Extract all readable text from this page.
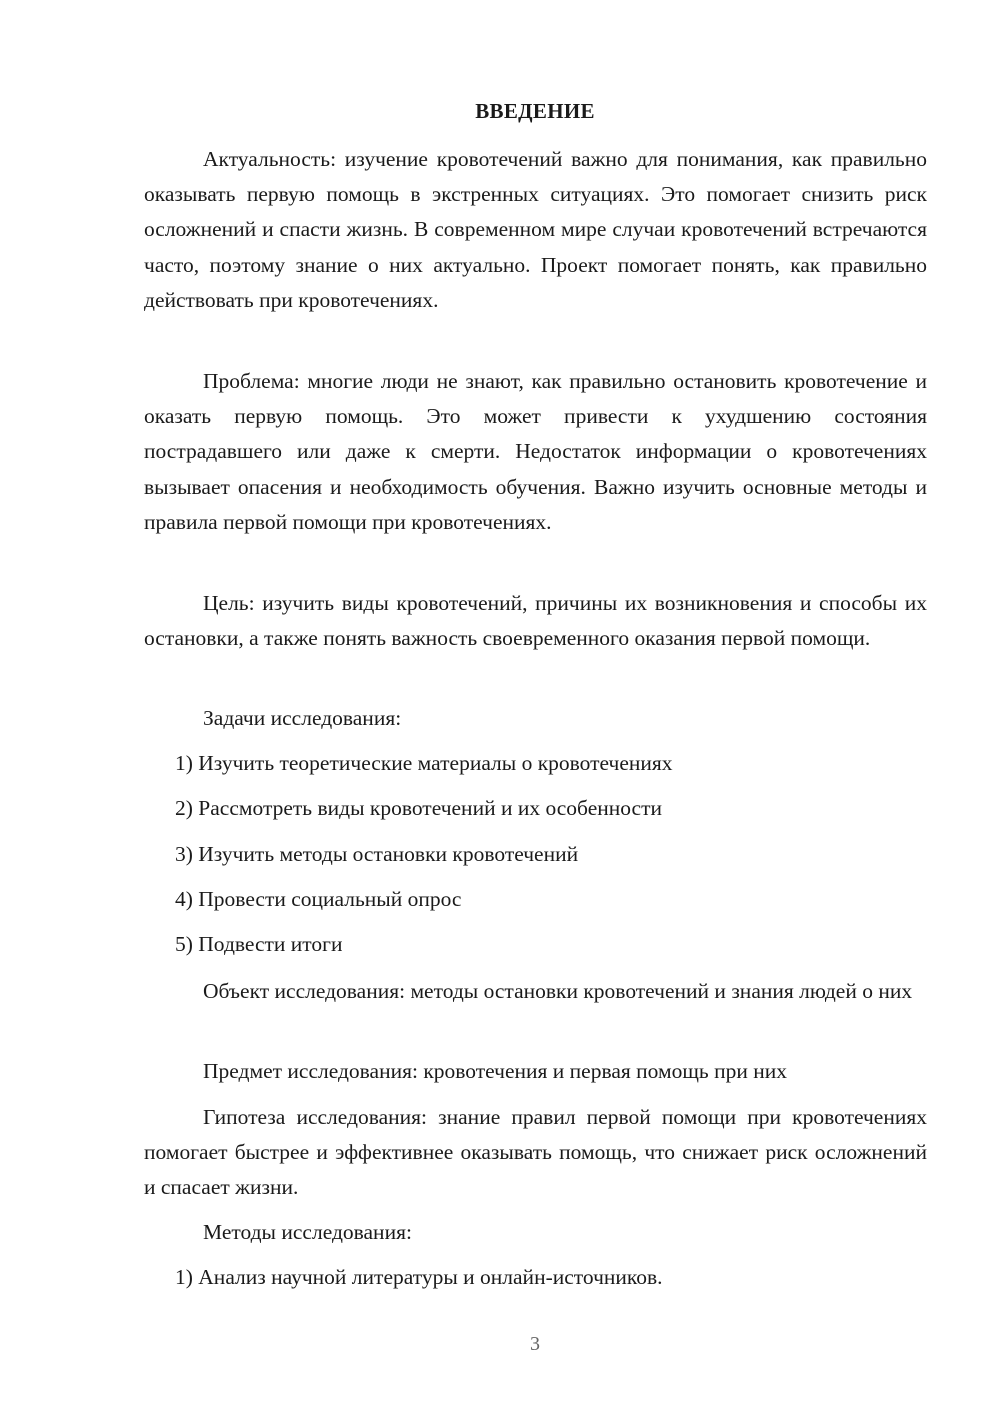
ВВЕДЕНИЕ

Актуальность: изучение кровотечений важно для понимания, как правильно оказывать первую помощь в экстренных ситуациях. Это помогает снизить риск осложнений и спасти жизнь. В современном мире случаи кровотечений встречаются часто, поэтому знание о них актуально. Проект помогает понять, как правильно действовать при кровотечениях.

Проблема: многие люди не знают, как правильно остановить кровотечение и оказать первую помощь. Это может привести к ухудшению состояния пострадавшего или даже к смерти. Недостаток информации о кровотечениях вызывает опасения и необходимость обучения. Важно изучить основные методы и правила первой помощи при кровотечениях.

Цель: изучить виды кровотечений, причины их возникновения и способы их остановки, а также понять важность своевременного оказания первой помощи.

Задачи исследования:

1) Изучить теоретические материалы о кровотечениях

2) Рассмотреть виды кровотечений и их особенности

3) Изучить методы остановки кровотечений

4) Провести социальный опрос

5) Подвести итоги

Объект исследования: методы остановки кровотечений и знания людей о них

Предмет исследования: кровотечения и первая помощь при них

Гипотеза исследования: знание правил первой помощи при кровотечениях помогает быстрее и эффективнее оказывать помощь, что снижает риск осложнений и спасает жизни.

Методы исследования:

1) Анализ научной литературы и онлайн-источников.

3
